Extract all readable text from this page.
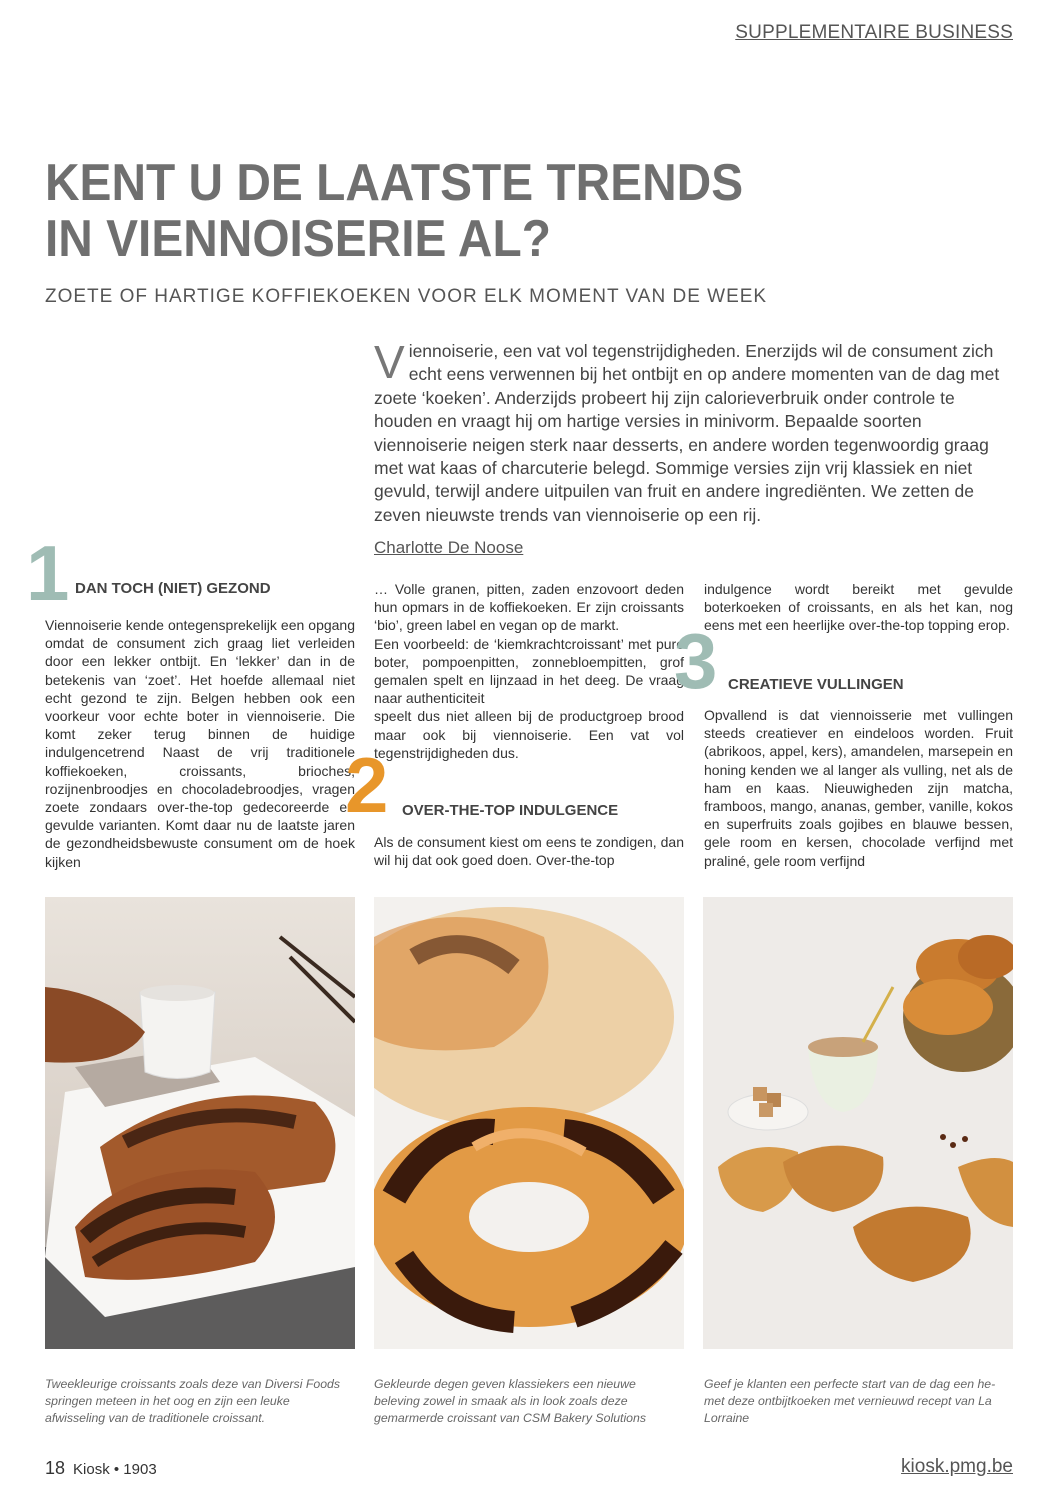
SUPPLEMENTAIRE BUSINESS
KENT U DE LAATSTE TRENDS
IN VIENNOISERIE AL?
ZOETE OF HARTIGE KOFFIEKOEKEN VOOR ELK MOMENT VAN DE WEEK
Viennoiserie, een vat vol tegenstrijdigheden. Enerzijds wil de consument zich echt eens verwennen bij het ontbijt en op andere momenten van de dag met zoete ‘koeken’. Anderzijds probeert hij zijn calorieverbruik onder controle te houden en vraagt hij om hartige versies in minivorm. Bepaalde soorten viennoiserie neigen sterk naar desserts, en andere worden tegenwoordig graag met wat kaas of charcuterie belegd. Sommige versies zijn vrij klassiek en niet gevuld, terwijl andere uitpuilen van fruit en andere ingrediënten. We zetten de zeven nieuwste trends van viennoiserie op een rij.
Charlotte De Noose
1 DAN TOCH (NIET) GEZOND

Viennoiserie kende ontegensprekelijk een opgang omdat de consument zich graag liet verleiden door een lekker ontbijt. En ‘lekker’ dan in de betekenis van ‘zoet’. Het hoefde allemaal niet echt gezond te zijn. Belgen hebben ook een voorkeur voor echte boter in viennoiserie. Die komt zeker terug binnen de huidige indulgencetrend Naast de vrij traditionele koffiekoeken, croissants, brioches, rozijnenbroodjes en chocoladebroodjes, vragen zoete zondaars over-the-top gedecoreerde en gevulde varianten. Komt daar nu de laatste jaren de gezondheidsbewuste consument om de hoek kijken

… Volle granen, pitten, zaden enzovoort deden hun opmars in de koffiekoeken. Er zijn croissants ‘bio’, green label en vegan op de markt.

Een voorbeeld: de ‘kiemkrachtcroissant’ met pure boter, pompoenpitten, zonnebloempitten, grof gemalen spelt en lijnzaad in het deeg. De vraag naar authenticiteit

speelt dus niet alleen bij de productgroep brood maar ook bij viennoiserie. Een vat vol tegenstrijdigheden dus.

2 OVER-THE-TOP INDULGENCE
Als de consument kiest om eens te zondigen, dan wil hij dat ook goed doen. Over-the-top

indulgence wordt bereikt met gevulde boterkoeken of croissants, en als het kan, nog eens met een heerlijke over-the-top topping erop.

3 CREATIEVE VULLINGEN
Opvallend is dat viennoisserie met vullingen steeds creatiever en eindeloos worden. Fruit (abrikoos, appel, kers), amandelen, marsepein en honing kenden we al langer als vulling, net als de ham en kaas. Nieuwigheden zijn matcha, framboos, mango, ananas, gember, vanille, kokos en superfruits zoals gojibes en blauwe bessen, gele room en kersen, chocolade verfijnd met praliné, gele room verfijnd
Tweekleurige croissants zoals deze van Diversi Foods springen meteen in het oog en zijn een leuke afwisseling van de traditionele croissant.
Gekleurde degen geven klassiekers een nieuwe beleving zowel in smaak als in look zoals deze gemarmerde croissant van CSM Bakery Solutions
Geef je klanten een perfecte start van de dag een he-met deze ontbijtkoeken met vernieuwd recept van La Lorraine
18 Kiosk • 1903	kiosk.pmg.be
